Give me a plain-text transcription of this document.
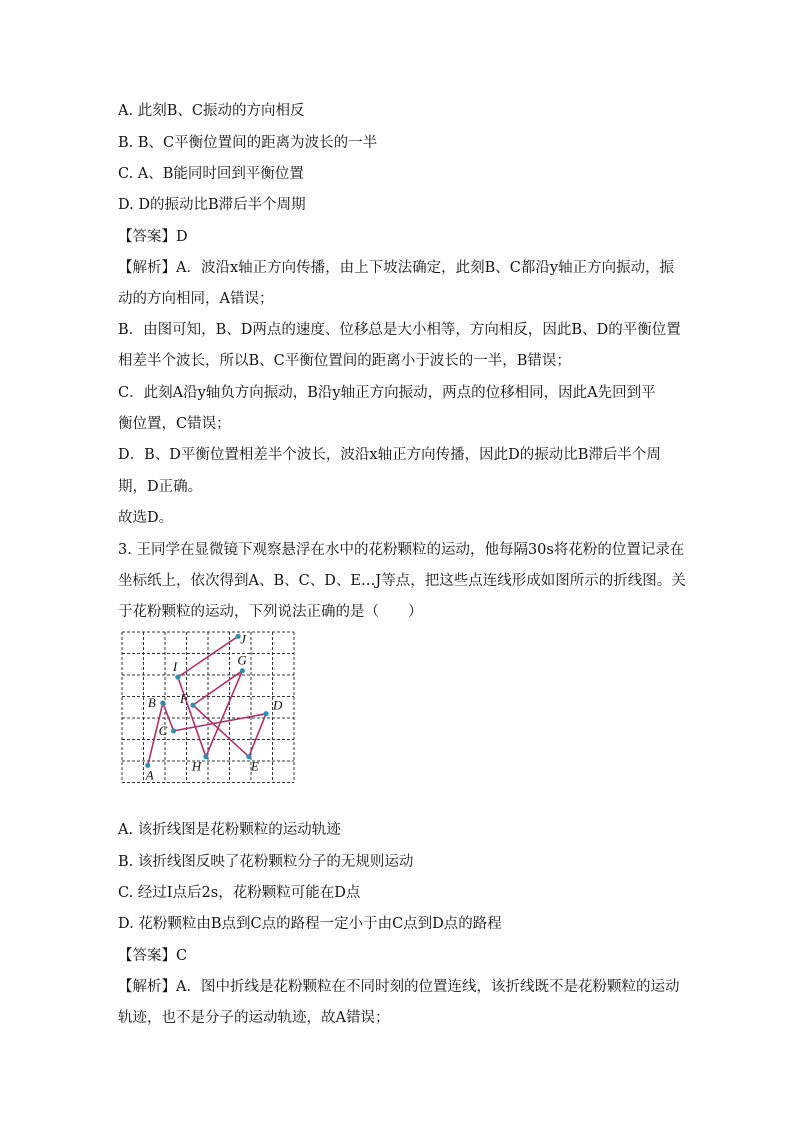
A. 此刻B、C振动的方向相反
B. B、C平衡位置间的距离为波长的一半
C. A、B能同时回到平衡位置
D. D的振动比B滞后半个周期
【答案】D
【解析】A．波沿x轴正方向传播，由上下坡法确定，此刻B、C都沿y轴正方向振动，振
动的方向相同，A错误；
B．由图可知，B、D两点的速度、位移总是大小相等，方向相反，因此B、D的平衡位置
相差半个波长，所以B、C平衡位置间的距离小于波长的一半，B错误；
C．此刻A沿y轴负方向振动，B沿y轴正方向振动，两点的位移相同，因此A先回到平
衡位置，C错误；
D．B、D平衡位置相差半个波长，波沿x轴正方向传播，因此D的振动比B滞后半个周
期，D正确。
故选D。
3. 王同学在显微镜下观察悬浮在水中的花粉颗粒的运动，他每隔30s将花粉的位置记录在
坐标纸上，依次得到A、B、C、D、E…J等点，把这些点连线形成如图所示的折线图。关
于花粉颗粒的运动，下列说法正确的是（　　）
A
B
C
D
E
F
G
H
I
J
A. 该折线图是花粉颗粒的运动轨迹
B. 该折线图反映了花粉颗粒分子的无规则运动
C. 经过I点后2s，花粉颗粒可能在D点
D. 花粉颗粒由B点到C点的路程一定小于由C点到D点的路程
【答案】C
【解析】A．图中折线是花粉颗粒在不同时刻的位置连线，该折线既不是花粉颗粒的运动
轨迹，也不是分子的运动轨迹，故A错误；
